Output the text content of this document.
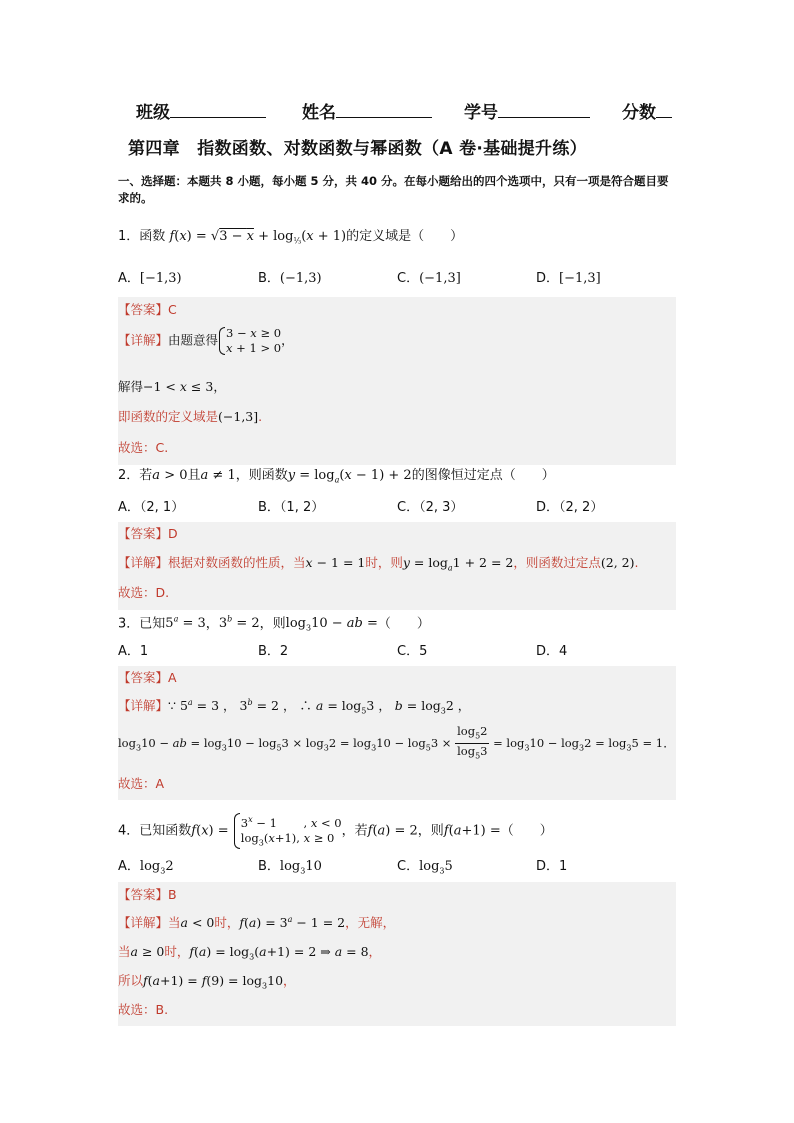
班级	姓名	学号	分数
第四章　指数函数、对数函数与幂函数（A 卷·基础提升练）
一、选择题：本题共 8 小题，每小题 5 分，共 40 分。在每小题给出的四个选项中，只有一项是符合题目要求的。
1．函数 $f(x) = √3 - x + \log_{\frac{1}{3}}(x + 1)$的定义域是（　　）
A．[−1,3)	B．(−1,3)	C．(−1,3]	D．[−1,3]
【答案】C
【详解】由题意得 3 − x ≥ 0
x + 1 > 0
，
解得−1 < x ≤ 3，
即函数的定义域是(−1,3].
故选：C.
2．若a > 0且a ≠ 1，则函数$y = \log_a(x - 1) + 2$的图像恒过定点（　　）
A．（2, 1）	B．（1, 2）	C．（2, 3）	D．（2, 2）
【答案】D
【详解】根据对数函数的性质，当x − 1 = 1时，则$y = \log_a1 + 2 = 2$，则函数过定点(2, 2).
故选：D.
3．已知$5^a = 3$，$3^b = 2$，则$\log_310$ − ab =（　　）
A．1	B．2	C．5	D．4
【答案】A
【详解】∵ $5^a = 3$ ， $3^b = 2$ ， ∴ $a = \log_53$ ， $b = \log_32$ ，
$\log_310$ − ab = $\log_310 - \log_53 \times \log_32 = \log_310 - \log_53 \times \frac{\log_52}{\log_53} = \log_310 - \log_32 = \log_35 = 1$.
故选：A
4．已知函数f(x) =
$3^x - 1$　　 , x < 0
$\log_3(x+1)$, x ≥ 0 ，若f(a) = 2，则f(a+1) =（　　）
A．$\log_32$	B．$\log_310$	C．$\log_35$	D．1
【答案】B
【详解】当a < 0时，$f(a) = 3^a - 1 = 2$，无解，
当a ≥ 0时，$f(a) = \log_3(a+1) = 2$ ⇒ a = 8，
所以$f(a+1) = f(9) = \log_310$，
故选：B.
